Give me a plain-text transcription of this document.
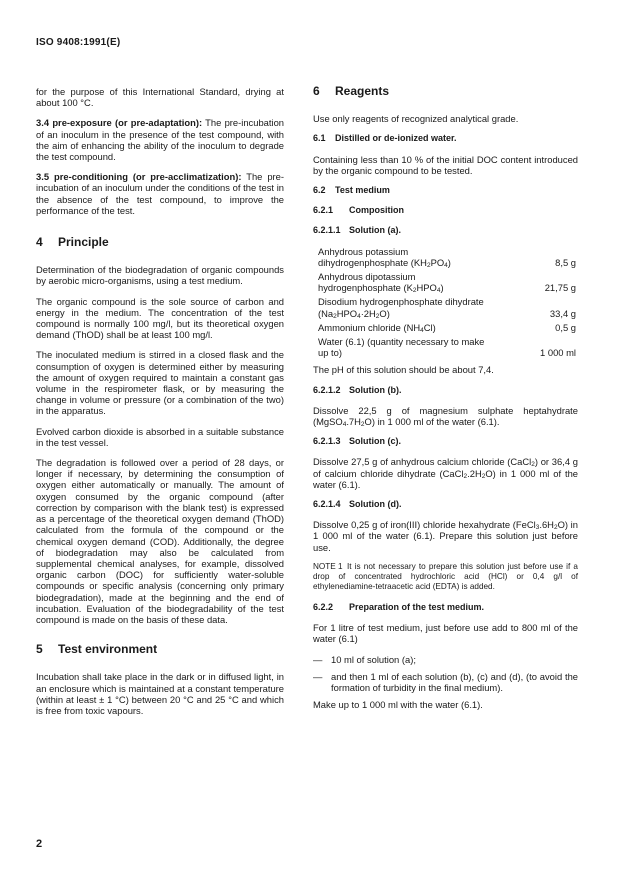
ISO 9408:1991(E)

for the purpose of this International Standard, drying at about 100 °C.

3.4 pre-exposure (or pre-adaptation): The pre-incubation of an inoculum in the presence of the test compound, with the aim of enhancing the ability of the inoculum to degrade the test compound.

3.5 pre-conditioning (or pre-acclimatization): The pre-incubation of an inoculum under the conditions of the test in the absence of the test compound, to improve the performance of the test.

4 Principle

Determination of the biodegradation of organic compounds by aerobic micro-organisms, using a test medium.

The organic compound is the sole source of carbon and energy in the medium. The concentration of the test compound is normally 100 mg/l, but its theoretical oxygen demand (ThOD) shall be at least 100 mg/l.

The inoculated medium is stirred in a closed flask and the consumption of oxygen is determined either by measuring the amount of oxygen required to maintain a constant gas volume in the respirometer flask, or by measuring the change in volume or pressure (or a combination of the two) in the apparatus.

Evolved carbon dioxide is absorbed in a suitable substance in the test vessel.

The degradation is followed over a period of 28 days, or longer if necessary, by determining the consumption of oxygen either automatically or manually. The amount of oxygen consumed by the organic compound (after correction by comparison with the blank test) is expressed as a percentage of the theoretical oxygen demand (ThOD) calculated from the formula of the compound or the chemical oxygen demand (COD). Additionally, the degree of biodegradation may also be calculated from supplemental chemical analyses, for example, dissolved organic carbon (DOC) for sufficiently water-soluble compounds or specific analysis (concerning only primary biodegradation), made at the beginning and the end of incubation. Evaluation of the biodegradability of the test compound is made on the basis of these data.

5 Test environment

Incubation shall take place in the dark or in diffused light, in an enclosure which is maintained at a constant temperature (within at least ± 1 °C) between 20 °C and 25 °C and which is free from toxic vapours.

6 Reagents

Use only reagents of recognized analytical grade.

6.1 Distilled or de-ionized water.

Containing less than 10 % of the initial DOC content introduced by the organic compound to be tested.

6.2 Test medium
6.2.1 Composition
6.2.1.1 Solution (a).
Anhydrous potassium
dihydrogenphosphate $(KH_2PO_4)$	8,5 g
Anhydrous dipotassium
hydrogenphosphate $(K_2HPO_4)$	21,75 g
Disodium hydrogenphosphate dihydrate
$(Na_2HPO_4\cdot 2H_2O)$	33,4 g
Ammonium chloride $(NH_4Cl)$	0,5 g
Water (6.1) (quantity necessary to make
up to)	1 000 ml

The pH of this solution should be about 7,4.

6.2.1.2 Solution (b).

Dissolve 22,5 g of magnesium sulphate heptahydrate $(MgSO_4.7H_2O)$ in 1 000 ml of the water (6.1).

6.2.1.3 Solution (c).

Dissolve 27,5 g of anhydrous calcium chloride (CaCl$_2$) or 36,4 g of calcium chloride dihydrate $(CaCl_2.2H_2O)$ in 1 000 ml of the water (6.1).

6.2.1.4 Solution (d).

Dissolve 0,25 g of iron(III) chloride hexahydrate $(FeCl_3.6H_2O)$ in 1 000 ml of the water (6.1). Prepare this solution just before use.

NOTE 1 It is not necessary to prepare this solution just before use if a drop of concentrated hydrochloric acid (HCl) or 0,4 g/l of ethylenediamine-tetraacetic acid (EDTA) is added.

6.2.2 Preparation of the test medium.

For 1 litre of test medium, just before use add to 800 ml of the water (6.1)

— 10 ml of solution (a);
— and then 1 ml of each solution (b), (c) and (d), (to avoid the formation of turbidity in the final medium).

Make up to 1 000 ml with the water (6.1).

2
